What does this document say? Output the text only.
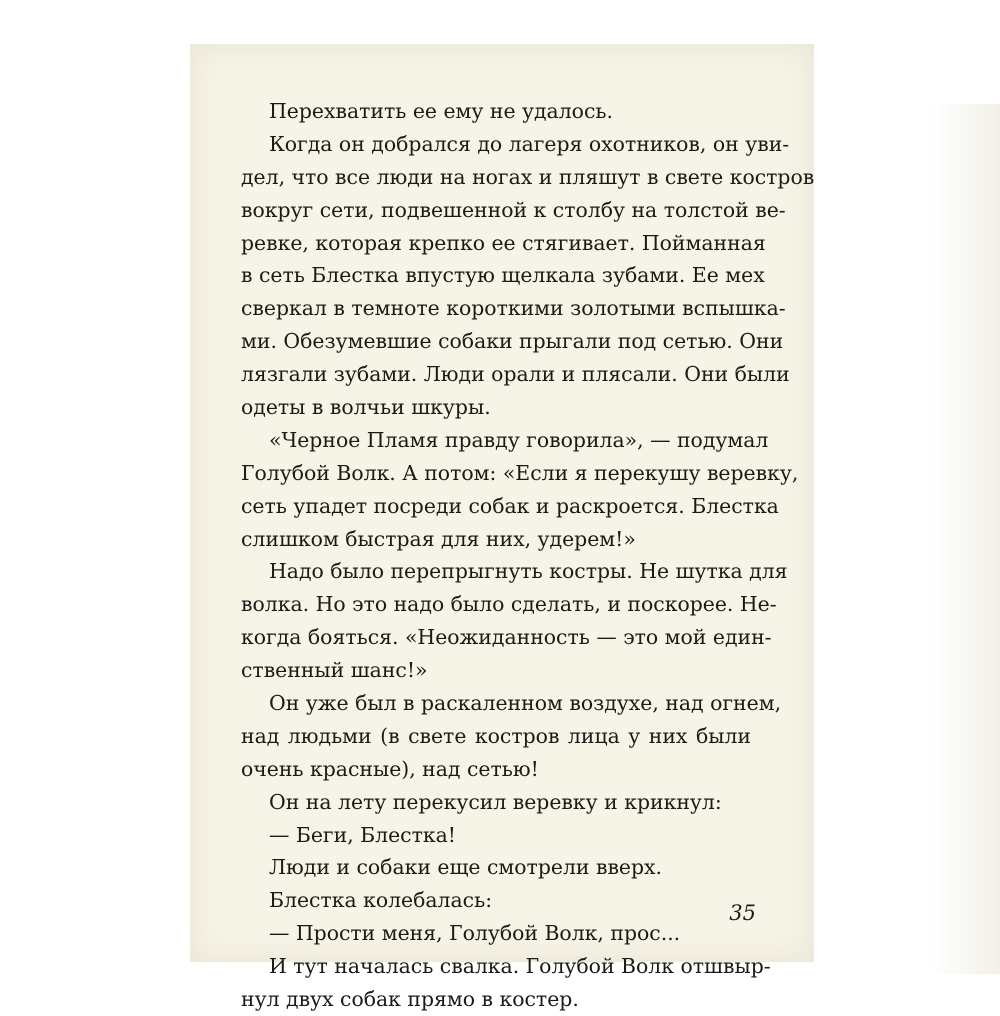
Перехватить ее ему не удалось.
Когда он добрался до лагеря охотников, он уви-
дел, что все люди на ногах и пляшут в свете костров
вокруг сети, подвешенной к столбу на толстой ве-
ревке, которая крепко ее стягивает. Пойманная
в сеть Блестка впустую щелкала зубами. Ее мех
сверкал в темноте короткими золотыми вспышка-
ми. Обезумевшие собаки прыгали под сетью. Они
лязгали зубами. Люди орали и плясали. Они были
одеты в волчьи шкуры.
«Черное Пламя правду говорила», — подумал
Голубой Волк. А потом: «Если я перекушу веревку,
сеть упадет посреди собак и раскроется. Блестка
слишком быстрая для них, удерем!»
Надо было перепрыгнуть костры. Не шутка для
волка. Но это надо было сделать, и поскорее. Не-
когда бояться. «Неожиданность — это мой един-
ственный шанс!»
Он уже был в раскаленном воздухе, над огнем,
над людьми (в свете костров лица у них были
очень красные), над сетью!
Он на лету перекусил веревку и крикнул:
— Беги, Блестка!
Люди и собаки еще смотрели вверх.
Блестка колебалась:
— Прости меня, Голубой Волк, прос...
И тут началась свалка. Голубой Волк отшвыр-
нул двух собак прямо в костер.
35
